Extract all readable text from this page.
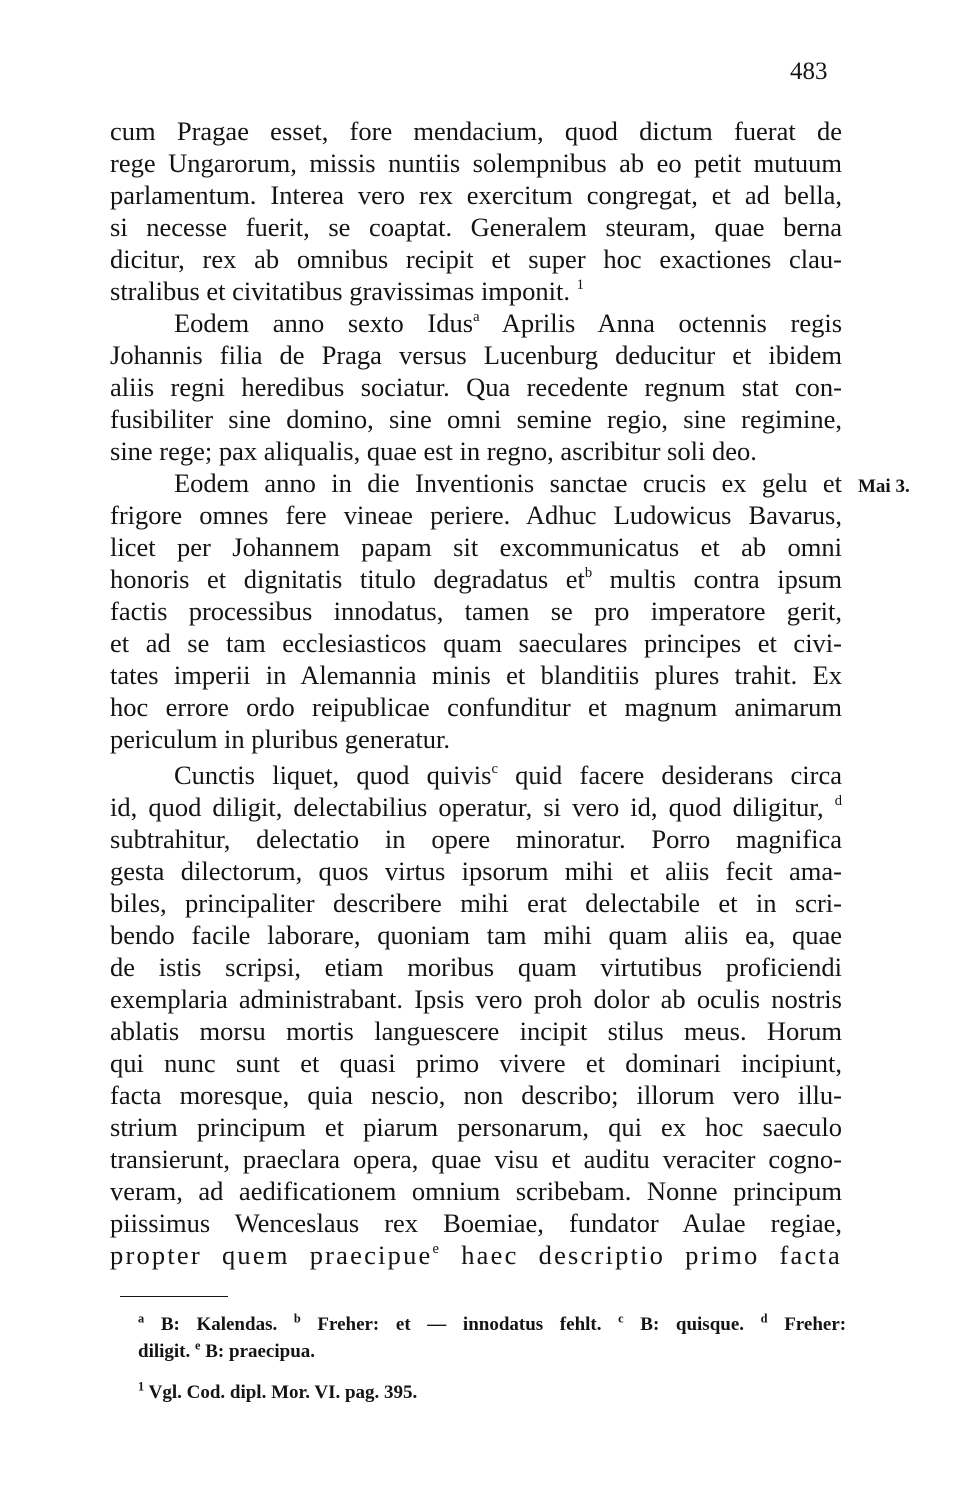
483
cum Pragae esset, fore mendacium, quod dictum fuerat de
rege Ungarorum, missis nuntiis solempnibus ab eo petit mutuum
parlamentum. Interea vero rex exercitum congregat, et ad bella,
si necesse fuerit, se coaptat. Generalem steuram, quae berna
dicitur, rex ab omnibus recipit et super hoc exactiones clau-
stralibus et civitatibus gravissimas imponit. $^1$
Eodem anno sexto Idus$^a$ Aprilis Anna octennis regis
Johannis filia de Praga versus Lucenburg deducitur et ibidem
aliis regni heredibus sociatur. Qua recedente regnum stat con-
fusibiliter sine domino, sine omni semine regio, sine regimine,
sine rege; pax aliqualis, quae est in regno, ascribitur soli deo.
Eodem anno in die Inventionis sanctae crucis ex gelu et Mai 3.
frigore omnes fere vineae periere. Adhuc Ludowicus Bavarus,
licet per Johannem papam sit excommunicatus et ab omni
honoris et dignitatis titulo degradatus $et^b$ multis contra ipsum
factis processibus innodatus, tamen se pro imperatore gerit,
et ad se tam ecclesiasticos quam saeculares principes et civi-
tates imperii in Alemannia minis et blanditiis plures trahit. Ex
hoc errore ordo reipublicae confunditur et magnum animarum
periculum in pluribus generatur.
Cunctis liquet, quod quivis$^c$ quid facere desiderans circa
id, quod diligit, delectabilius operatur, si vero id, quod diligitur, $^d$
subtrahitur, delectatio in opere minoratur. Porro magnifica
gesta dilectorum, quos virtus ipsorum mihi et aliis fecit ama-
biles, principaliter describere mihi erat delectabile et in scri-
bendo facile laborare, quoniam tam mihi quam aliis ea, quae
de istis scripsi, etiam moribus quam virtutibus proficiendi
exemplaria administrabant. Ipsis vero proh dolor ab oculis nostris
ablatis morsu mortis languescere incipit stilus meus. Horum
qui nunc sunt et quasi primo vivere et dominari incipiunt,
facta moresque, quia nescio, non describo; illorum vero illu-
strium principum et piarum personarum, qui ex hoc saeculo
transierunt, praeclara opera, quae visu et auditu veraciter cogno-
veram, ad aedificationem omnium scribebam. Nonne principum
piissimus Wenceslaus rex Boemiae, fundator Aulae regiae,
propter quem praecipue$^e$ haec descriptio primo facta
$^a$ B: Kalendas. $^b$ Freher: et — innodatus fehlt. $^c$ B: quisque. $^d$ Freher:
diligit. $^e$ B: praecipua.
$^1$ Vgl. Cod. dipl. Mor. VI. pag. 395.
